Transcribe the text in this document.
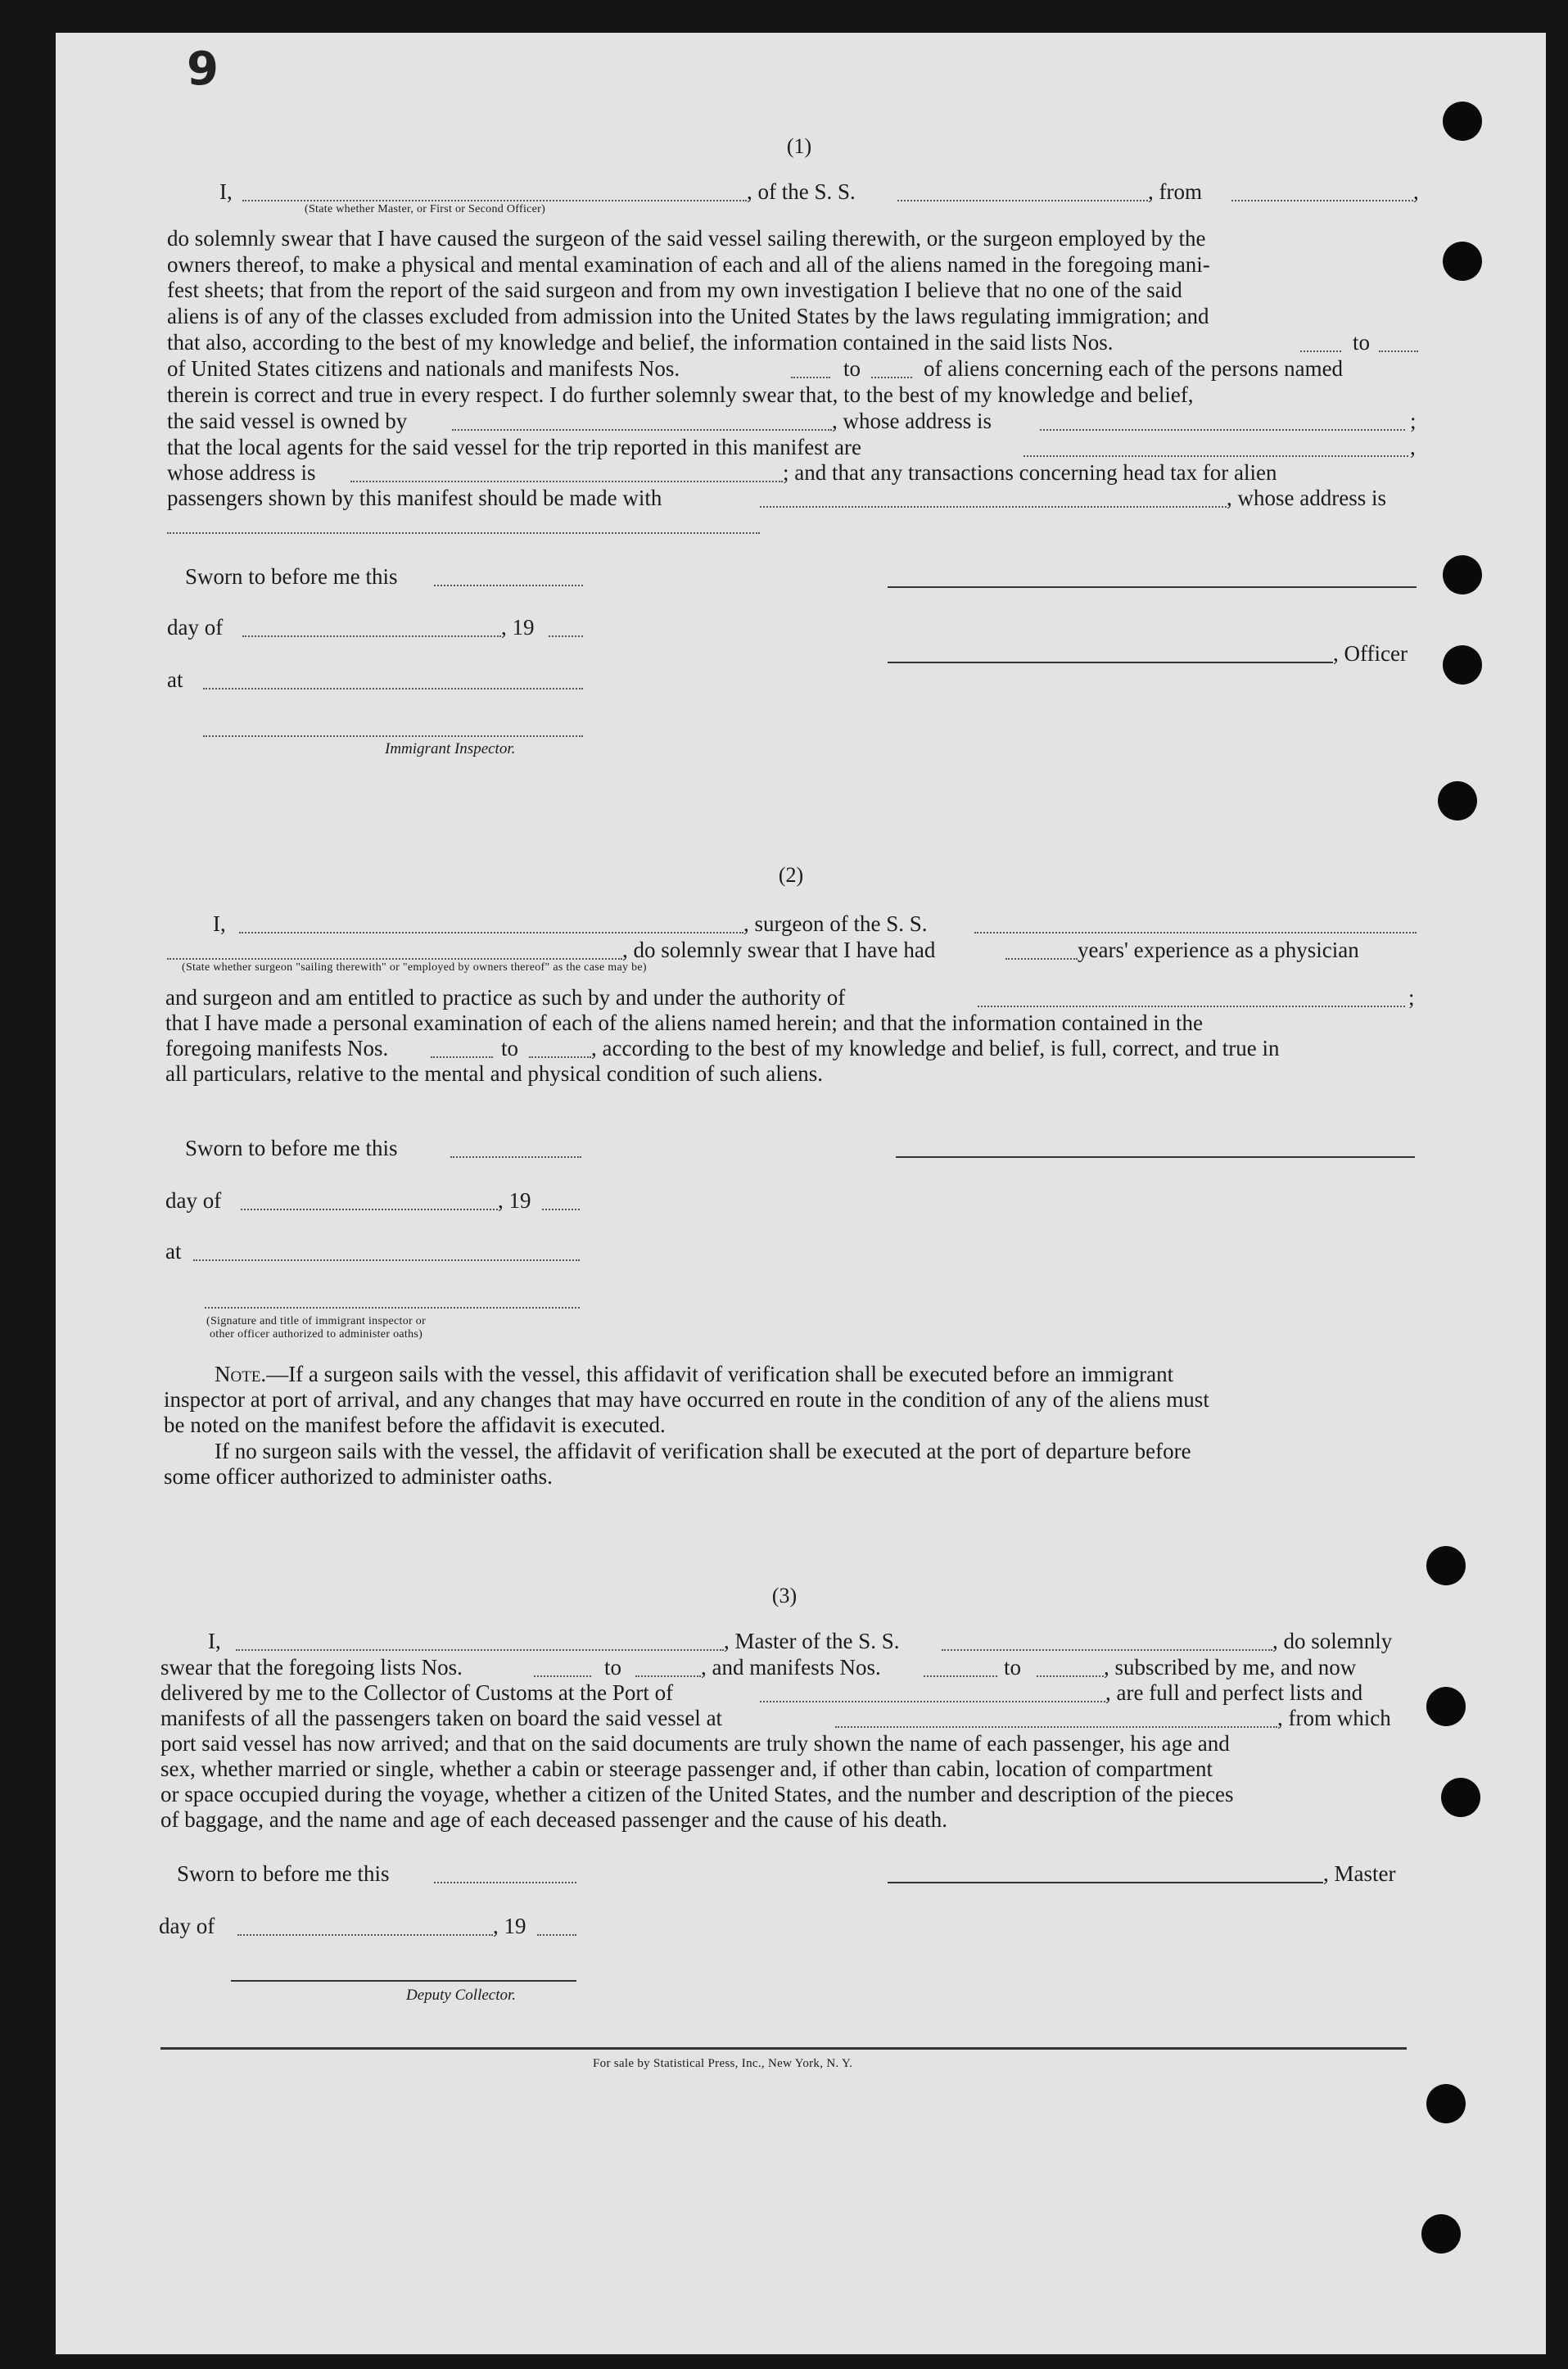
9
(1)
I,	, of the S. S.	, from	,
(State whether Master, or First or Second Officer)
do solemnly swear that I have caused the surgeon of the said vessel sailing therewith, or the surgeon employed by the
owners thereof, to make a physical and mental examination of each and all of the aliens named in the foregoing mani-
fest sheets; that from the report of the said surgeon and from my own investigation I believe that no one of the said
aliens is of any of the classes excluded from admission into the United States by the laws regulating immigration; and
that also, according to the best of my knowledge and belief, the information contained in the said lists Nos.	to
of United States citizens and nationals and manifests Nos.	to	of aliens concerning each of the persons named
therein is correct and true in every respect. I do further solemnly swear that, to the best of my knowledge and belief,
the said vessel is owned by	, whose address is	;
that the local agents for the said vessel for the trip reported in this manifest are	,
whose address is	; and that any transactions concerning head tax for alien
passengers shown by this manifest should be made with	, whose address is
Sworn to before me this
day of	, 19
, Officer
at
Immigrant Inspector.
(2)
I,	, surgeon of the S. S.
, do solemnly swear that I have had	years' experience as a physician
(State whether surgeon "sailing therewith" or "employed by owners thereof" as the case may be)
and surgeon and am entitled to practice as such by and under the authority of	;
that I have made a personal examination of each of the aliens named herein; and that the information contained in the
foregoing manifests Nos.	to	, according to the best of my knowledge and belief, is full, correct, and true in
all particulars, relative to the mental and physical condition of such aliens.
Sworn to before me this
day of	, 19
at
(Signature and title of immigrant inspector or
other officer authorized to administer oaths)
Note.—If a surgeon sails with the vessel, this affidavit of verification shall be executed before an immigrant
inspector at port of arrival, and any changes that may have occurred en route in the condition of any of the aliens must
be noted on the manifest before the affidavit is executed.
If no surgeon sails with the vessel, the affidavit of verification shall be executed at the port of departure before
some officer authorized to administer oaths.
(3)
I,	, Master of the S. S.	, do solemnly
swear that the foregoing lists Nos.	to	, and manifests Nos.	to	, subscribed by me, and now
delivered by me to the Collector of Customs at the Port of	, are full and perfect lists and
manifests of all the passengers taken on board the said vessel at	, from which
port said vessel has now arrived; and that on the said documents are truly shown the name of each passenger, his age and
sex, whether married or single, whether a cabin or steerage passenger and, if other than cabin, location of compartment
or space occupied during the voyage, whether a citizen of the United States, and the number and description of the pieces
of baggage, and the name and age of each deceased passenger and the cause of his death.
Sworn to before me this	, Master
day of	, 19
Deputy Collector.
For sale by Statistical Press, Inc., New York, N. Y.
